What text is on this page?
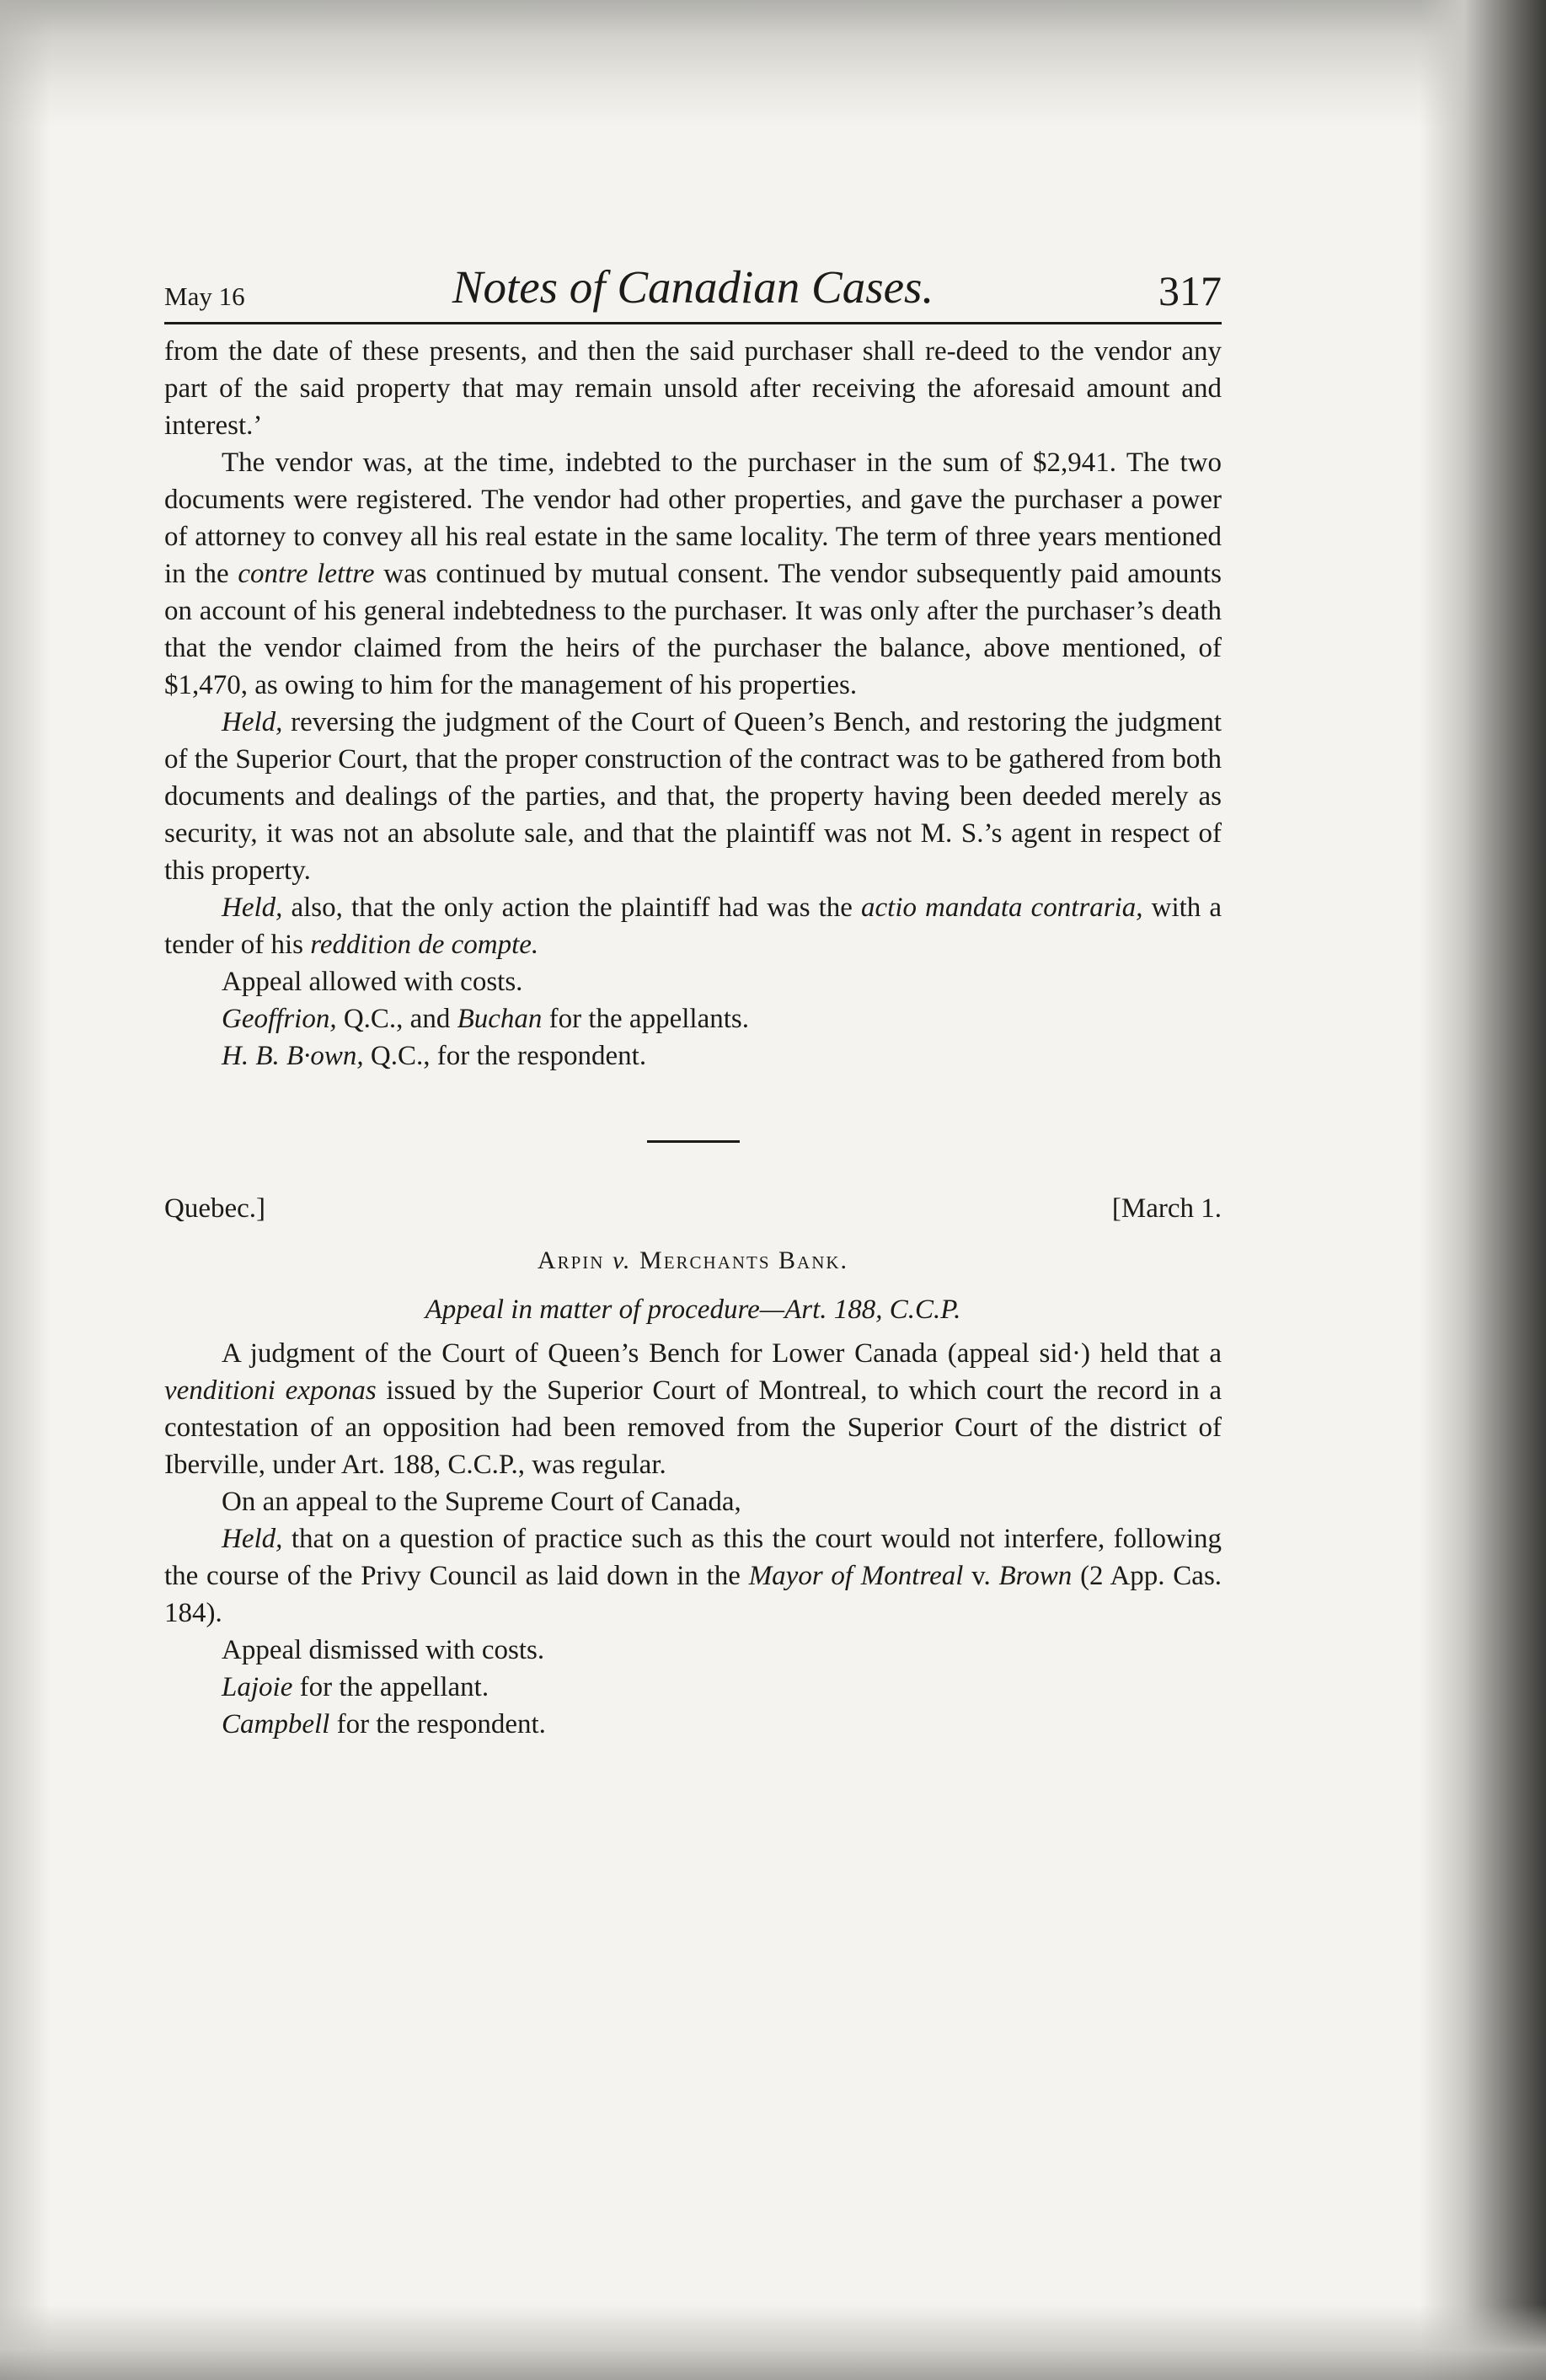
May 16	Notes of Canadian Cases.	317

from the date of these presents, and then the said purchaser shall re-deed to the vendor any part of the said property that may remain unsold after receiving the aforesaid amount and interest.’

The vendor was, at the time, indebted to the purchaser in the sum of $2,941. The two documents were registered. The vendor had other properties, and gave the purchaser a power of attorney to convey all his real estate in the same locality. The term of three years mentioned in the contre lettre was continued by mutual consent. The vendor subsequently paid amounts on account of his general indebtedness to the purchaser. It was only after the purchaser’s death that the vendor claimed from the heirs of the purchaser the balance, above mentioned, of $1,470, as owing to him for the management of his properties.

Held, reversing the judgment of the Court of Queen’s Bench, and restoring the judgment of the Superior Court, that the proper construction of the contract was to be gathered from both documents and dealings of the parties, and that, the property having been deeded merely as security, it was not an absolute sale, and that the plaintiff was not M. S.’s agent in respect of this property.

Held, also, that the only action the plaintiff had was the actio mandata contraria, with a tender of his reddition de compte.

Appeal allowed with costs.

Geoffrion, Q.C., and Buchan for the appellants.

H. B. B·own, Q.C., for the respondent.

Quebec.]	[March 1.
Arpin v. Merchants Bank.
Appeal in matter of procedure—Art. 188, C.C.P.

A judgment of the Court of Queen’s Bench for Lower Canada (appeal sid·) held that a venditioni exponas issued by the Superior Court of Montreal, to which court the record in a contestation of an opposition had been removed from the Superior Court of the district of Iberville, under Art. 188, C.C.P., was regular.

On an appeal to the Supreme Court of Canada,

Held, that on a question of practice such as this the court would not interfere, following the course of the Privy Council as laid down in the Mayor of Montreal v. Brown (2 App. Cas. 184).

Appeal dismissed with costs.

Lajoie for the appellant.

Campbell for the respondent.
